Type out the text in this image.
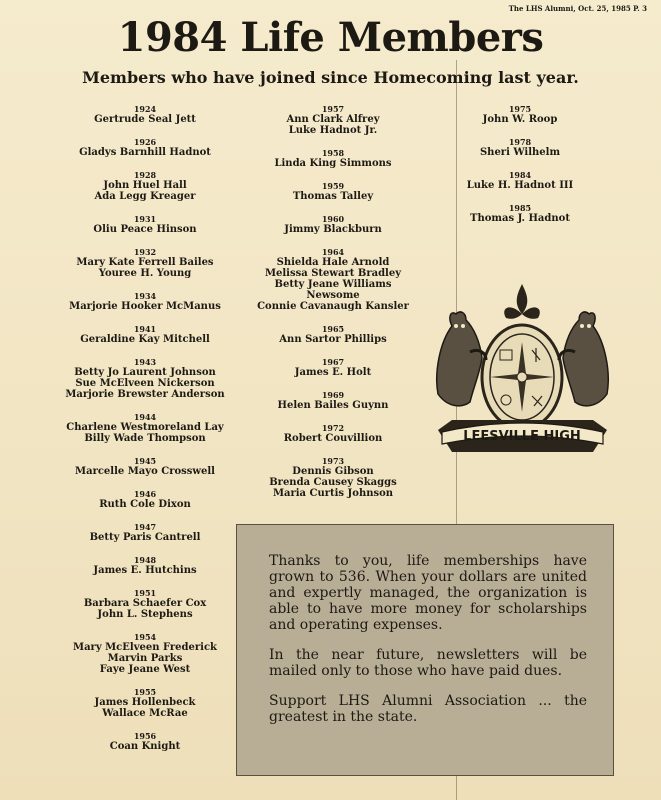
The LHS Alumni, Oct. 25, 1985 P. 3
1984 Life Members
Members who have joined since Homecoming last year.
1924
Gertrude Seal Jett
1926
Gladys Barnhill Hadnot
1928
John Huel Hall
Ada Legg Kreager
1931
Oliu Peace Hinson
1932
Mary Kate Ferrell Bailes
Youree H. Young
1934
Marjorie Hooker McManus
1941
Geraldine Kay Mitchell
1943
Betty Jo Laurent Johnson
Sue McElveen Nickerson
Marjorie Brewster Anderson
1944
Charlene Westmoreland Lay
Billy Wade Thompson
1945
Marcelle Mayo Crosswell
1946
Ruth Cole Dixon
1947
Betty Paris Cantrell
1948
James E. Hutchins
1951
Barbara Schaefer Cox
John L. Stephens
1954
Mary McElveen Frederick
Marvin Parks
Faye Jeane West
1955
James Hollenbeck
Wallace McRae
1956
Coan Knight
1957
Ann Clark Alfrey
Luke Hadnot Jr.
1958
Linda King Simmons
1959
Thomas Talley
1960
Jimmy Blackburn
1964
Shielda Hale Arnold
Melissa Stewart Bradley
Betty Jeane Williams Newsome
Connie Cavanaugh Kansler
1965
Ann Sartor Phillips
1967
James E. Holt
1969
Helen Bailes Guynn
1972
Robert Couvillion
1973
Dennis Gibson
Brenda Causey Skaggs
Maria Curtis Johnson
1975
John W. Roop
1978
Sheri Wilhelm
1984
Luke H. Hadnot III
1985
Thomas J. Hadnot
LEESVILLE HIGH

Thanks to you, life memberships have grown to 536. When your dollars are united and expertly managed, the organization is able to have more money for scholarships and operating expenses.

In the near future, newsletters will be mailed only to those who have paid dues.

Support LHS Alumni Association ... the greatest in the state.
